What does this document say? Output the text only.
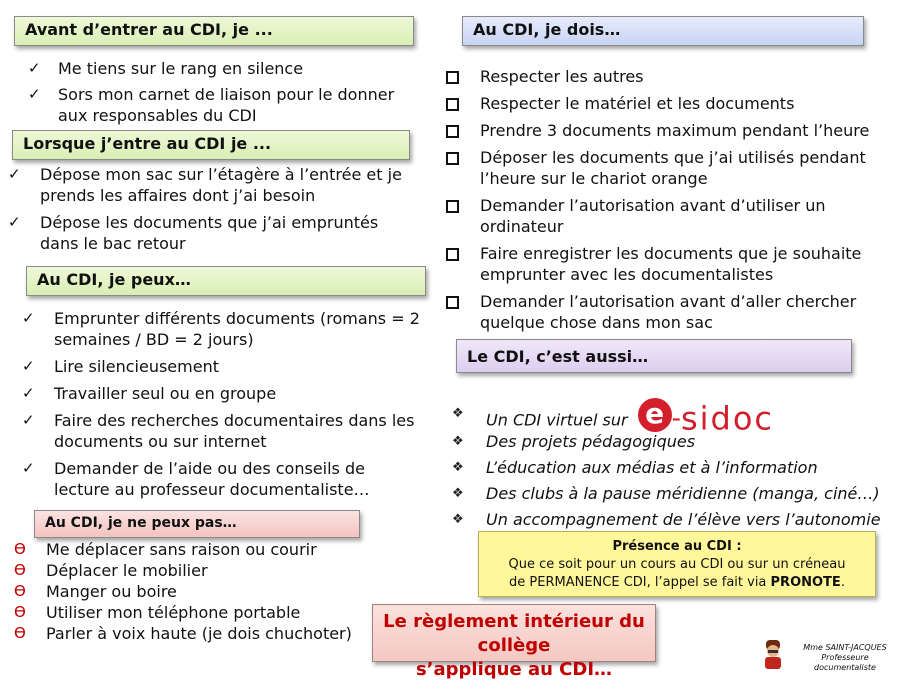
Avant d’entrer au CDI, je ...
✓ Me tiens sur le rang en silence
✓ Sors mon carnet de liaison pour le donner aux responsables du CDI
Lorsque j’entre au CDI je ...
✓ Dépose mon sac sur l’étagère à l’entrée et je prends les affaires dont j’ai besoin
✓ Dépose les documents que j’ai empruntés dans le bac retour
Au CDI, je peux…
✓ Emprunter différents documents (romans = 2 semaines / BD = 2 jours)
✓ Lire silencieusement
✓ Travailler seul ou en groupe
✓ Faire des recherches documentaires dans les documents ou sur internet
✓ Demander de l’aide ou des conseils de lecture au professeur documentaliste…
Au CDI, je ne peux pas…
ϴ Me déplacer sans raison ou courir
ϴ Déplacer le mobilier
ϴ Manger ou boire
ϴ Utiliser mon téléphone portable
ϴ Parler à voix haute (je dois chuchoter)
Au CDI, je dois…
Respecter les autres
Respecter le matériel et les documents
Prendre 3 documents maximum pendant l’heure
Déposer les documents que j’ai utilisés pendant l’heure sur le chariot orange
Demander l’autorisation avant d’utiliser un ordinateur
Faire enregistrer les documents que je souhaite emprunter avec les documentalistes
Demander l’autorisation avant d’aller chercher quelque chose dans mon sac
Le CDI, c’est aussi…
❖ Un CDI virtuel sur e -sidoc
❖ Des projets pédagogiques
❖ L’éducation aux médias et à l’information
❖ Des clubs à la pause méridienne (manga, ciné…)
❖ Un accompagnement de l’élève vers l’autonomie
Présence au CDI :
Que ce soit pour un cours au CDI ou sur un créneau
de PERMANENCE CDI, l’appel se fait via PRONOTE.
Le règlement intérieur du collège
s’applique au CDI…
Mme SAINT-JACQUES
Professeure documentaliste
